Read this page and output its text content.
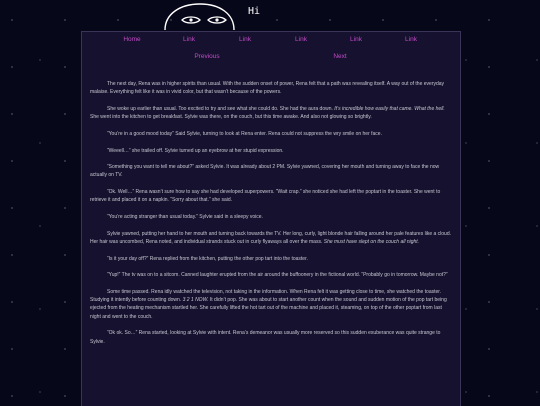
Hi
Home	Link	Link	Link	Link	Link
Previous	Next

The next day, Rena was in higher spirits than usual. With the sudden onset of power, Rena felt that a path was revealing itself. A way out of the everyday malaise. Everything felt like it was in vivid color, but that wasn’t because of the powers.

She woke up earlier than usual. Too excited to try and see what she could do. She had the aura down. It’s incredible how easily that came. What the hell. She went into the kitchen to get breakfast. Sylvie was there, on the couch, but this time awake. And also not glowing so brightly.

“You’re in a good mood today” Said Sylvie, turning to look at Rena enter. Rena could not suppress the wry smile on her face.

“Weeell…” she trailed off. Sylvie turned up an eyebrow at her stupid expression.

“Something you want to tell me about?” asked Sylvie. It was already about 2 PM. Sylvie yawned, covering her mouth and turning away to face the now actually on TV.

“Ok. Well…” Rena wasn’t sure how to say she had developed superpowers. “Wait crap.” she noticed she had left the poptart in the toaster. She went to retrieve it and placed it on a napkin. “Sorry about that.” she said.

“You’re acting stranger than usual today.” Sylvie said in a sleepy voice.

Sylvie yawned, putting her hand to her mouth and turning back towards the TV. Her long, curly, light blonde hair falling around her pale features like a cloud. Her hair was uncombed, Rena noted, and individual strands stuck out in curly flyaways all over the mass. She must have slept on the couch all night.

“Is it your day off?” Rena replied from the kitchen, putting the other pop tart into the toaster.

“Yup!” The tv was on to a sitcom. Canned laughter erupted from the air around the buffoonery in the fictional world. “Probably go in tomorrow. Maybe not?”

Some time passed. Rena idly watched the television, not taking in the information. When Rena felt it was getting close to time, she watched the toaster. Studying it intently before counting down. 3 2 1 NOW. It didn’t pop. She was about to start another count when the sound and sudden motion of the pop tart being ejected from the heating mechanism startled her. She carefully lifted the hot tart out of the machine and placed it, steaming, on top of the other poptart from last night and went to the couch.

“Ok ok. So…” Rena started, looking at Sylvie with intent. Rena’s demeanor was usually more reserved so this sudden exuberance was quite strange to Sylvie.
